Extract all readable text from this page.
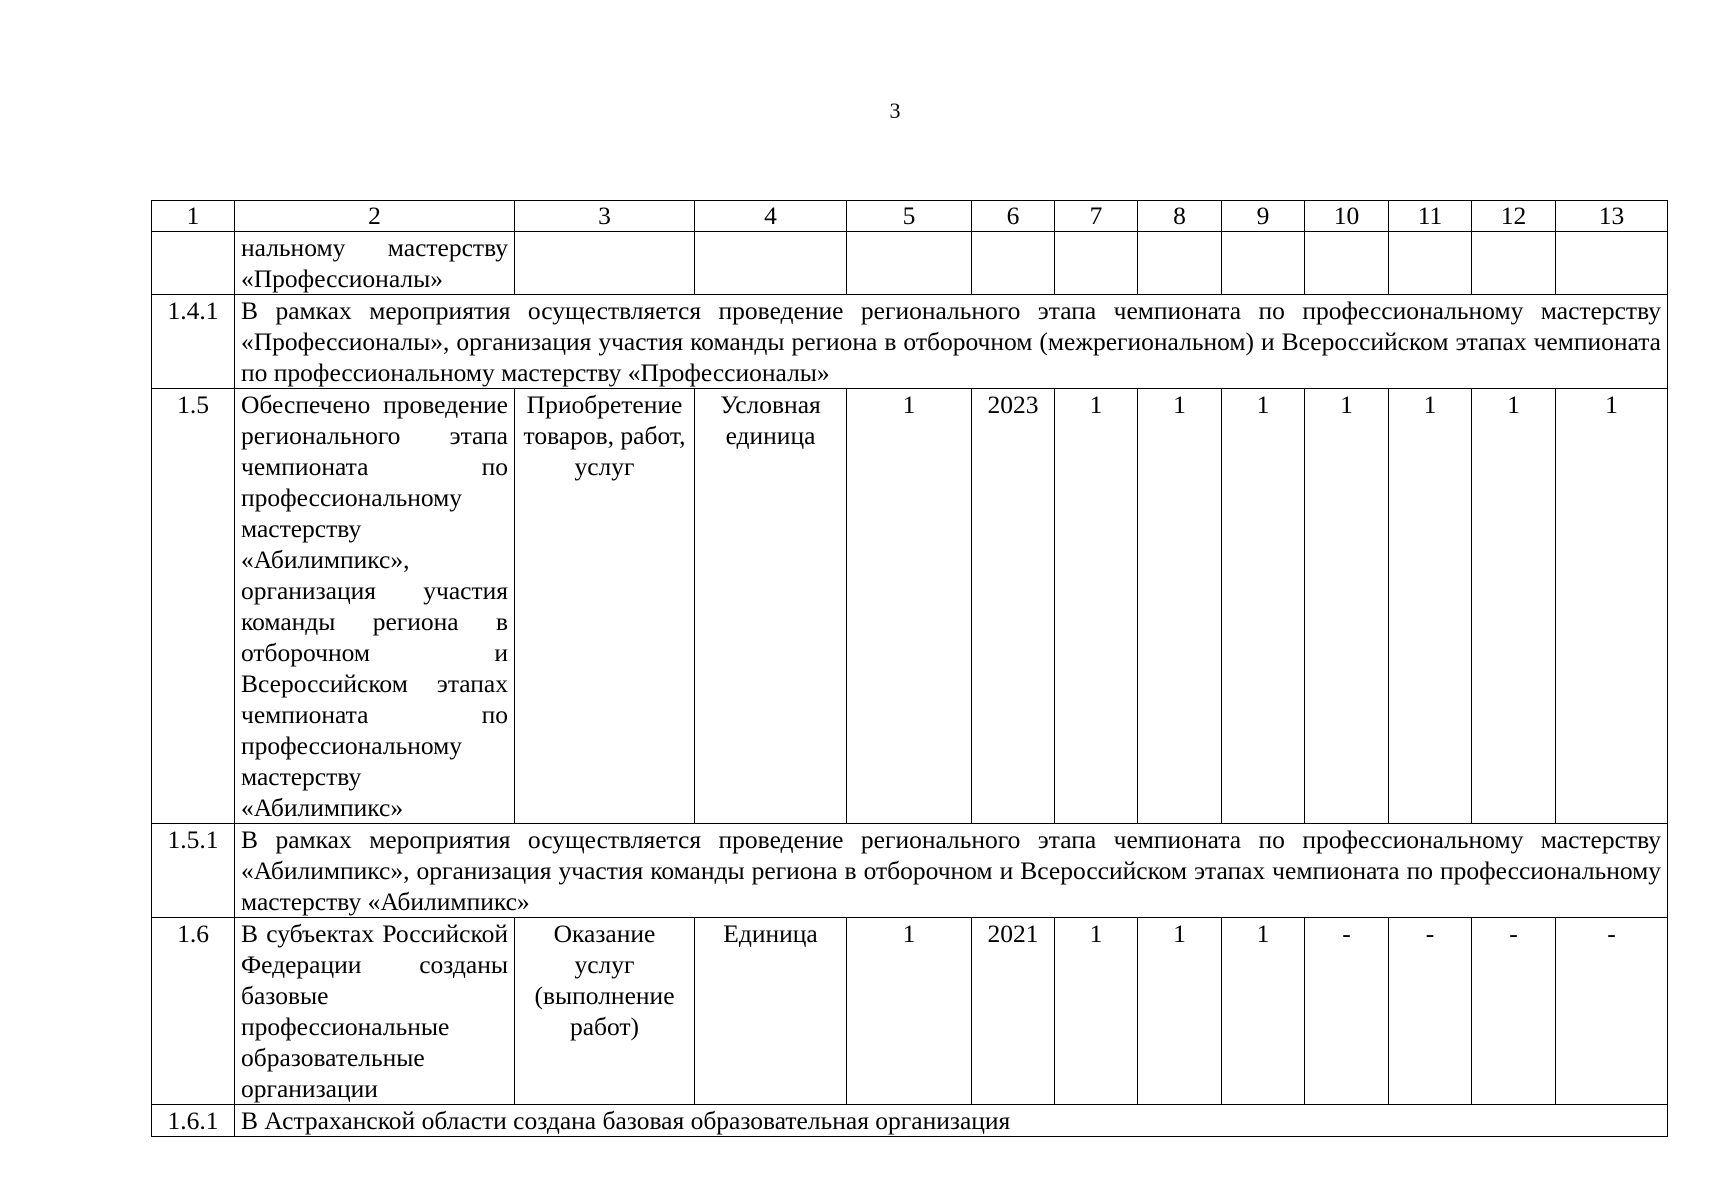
3
1	2	3	4	5	6	7	8	9	10	11	12	13
	нальному мастерству «Профессионалы»											
1.4.1	В рамках мероприятия осуществляется проведение регионального этапа чемпионата по профессиональному мастерству «Профессионалы», организация участия команды региона в отборочном (межрегиональном) и Всероссийском этапах чемпионата по профессиональному мастерству «Профессионалы»											
1.5	Обеспечено проведение регионального этапа чемпионата по профессиональному мастерству «Абилимпикс», организация участия команды региона в отборочном и Всероссийском этапах чемпионата по профессиональному мастерству «Абилимпикс»	Приобретение товаров, работ, услуг	Условная единица	1	2023	1	1	1	1	1	1	1
1.5.1	В рамках мероприятия осуществляется проведение регионального этапа чемпионата по профессиональному мастерству «Абилимпикс», организация участия команды региона в отборочном и Всероссийском этапах чемпионата по профессиональному мастерству «Абилимпикс»											
1.6	В субъектах Российской Федерации созданы базовые профессиональные образовательные организации	Оказание услуг (выполнение работ)	Единица	1	2021	1	1	1	-	-	-	-
1.6.1	В Астраханской области создана базовая образовательная организация											
